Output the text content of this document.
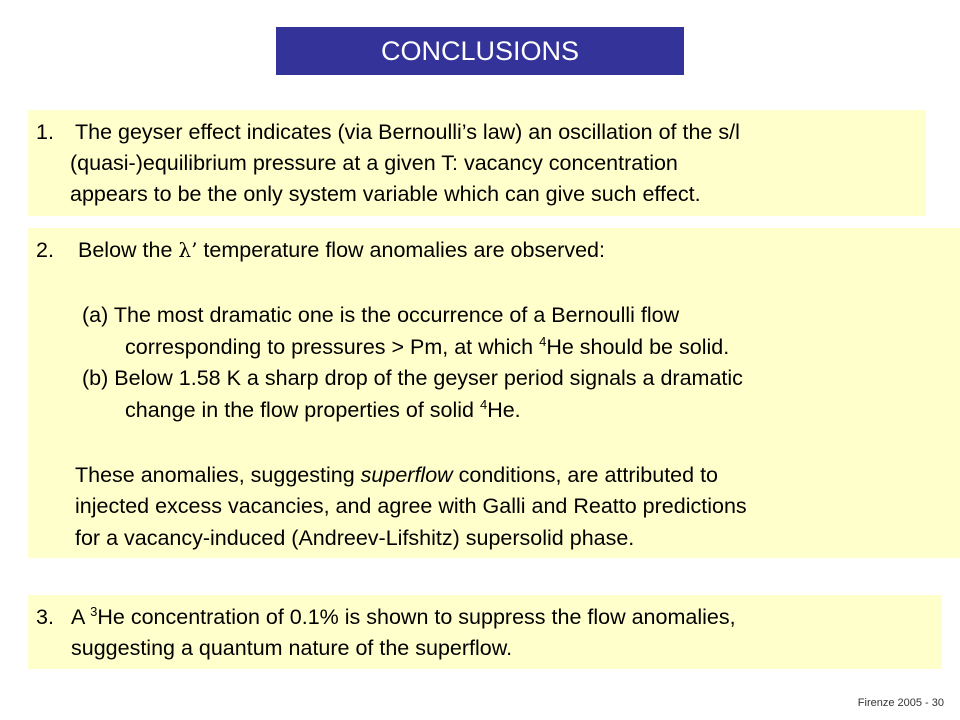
CONCLUSIONS
1. The geyser effect indicates (via Bernoulli’s law) an oscillation of the s/l
(quasi-)equilibrium pressure at a given T: vacancy concentration
appears to be the only system variable which can give such effect.
2. Below the λ’ temperature flow anomalies are observed:
(a) The most dramatic one is the occurrence of a Bernoulli flow
corresponding to pressures > Pm, at which $^4$He should be solid.
(b) Below 1.58 K a sharp drop of the geyser period signals a dramatic
change in the flow properties of solid $^4$He.
These anomalies, suggesting superflow conditions, are attributed to
injected excess vacancies, and agree with Galli and Reatto predictions
for a vacancy-induced (Andreev-Lifshitz) supersolid phase.
3. A $^3$He concentration of 0.1% is shown to suppress the flow anomalies,
suggesting a quantum nature of the superflow.
Firenze 2005 - 30
